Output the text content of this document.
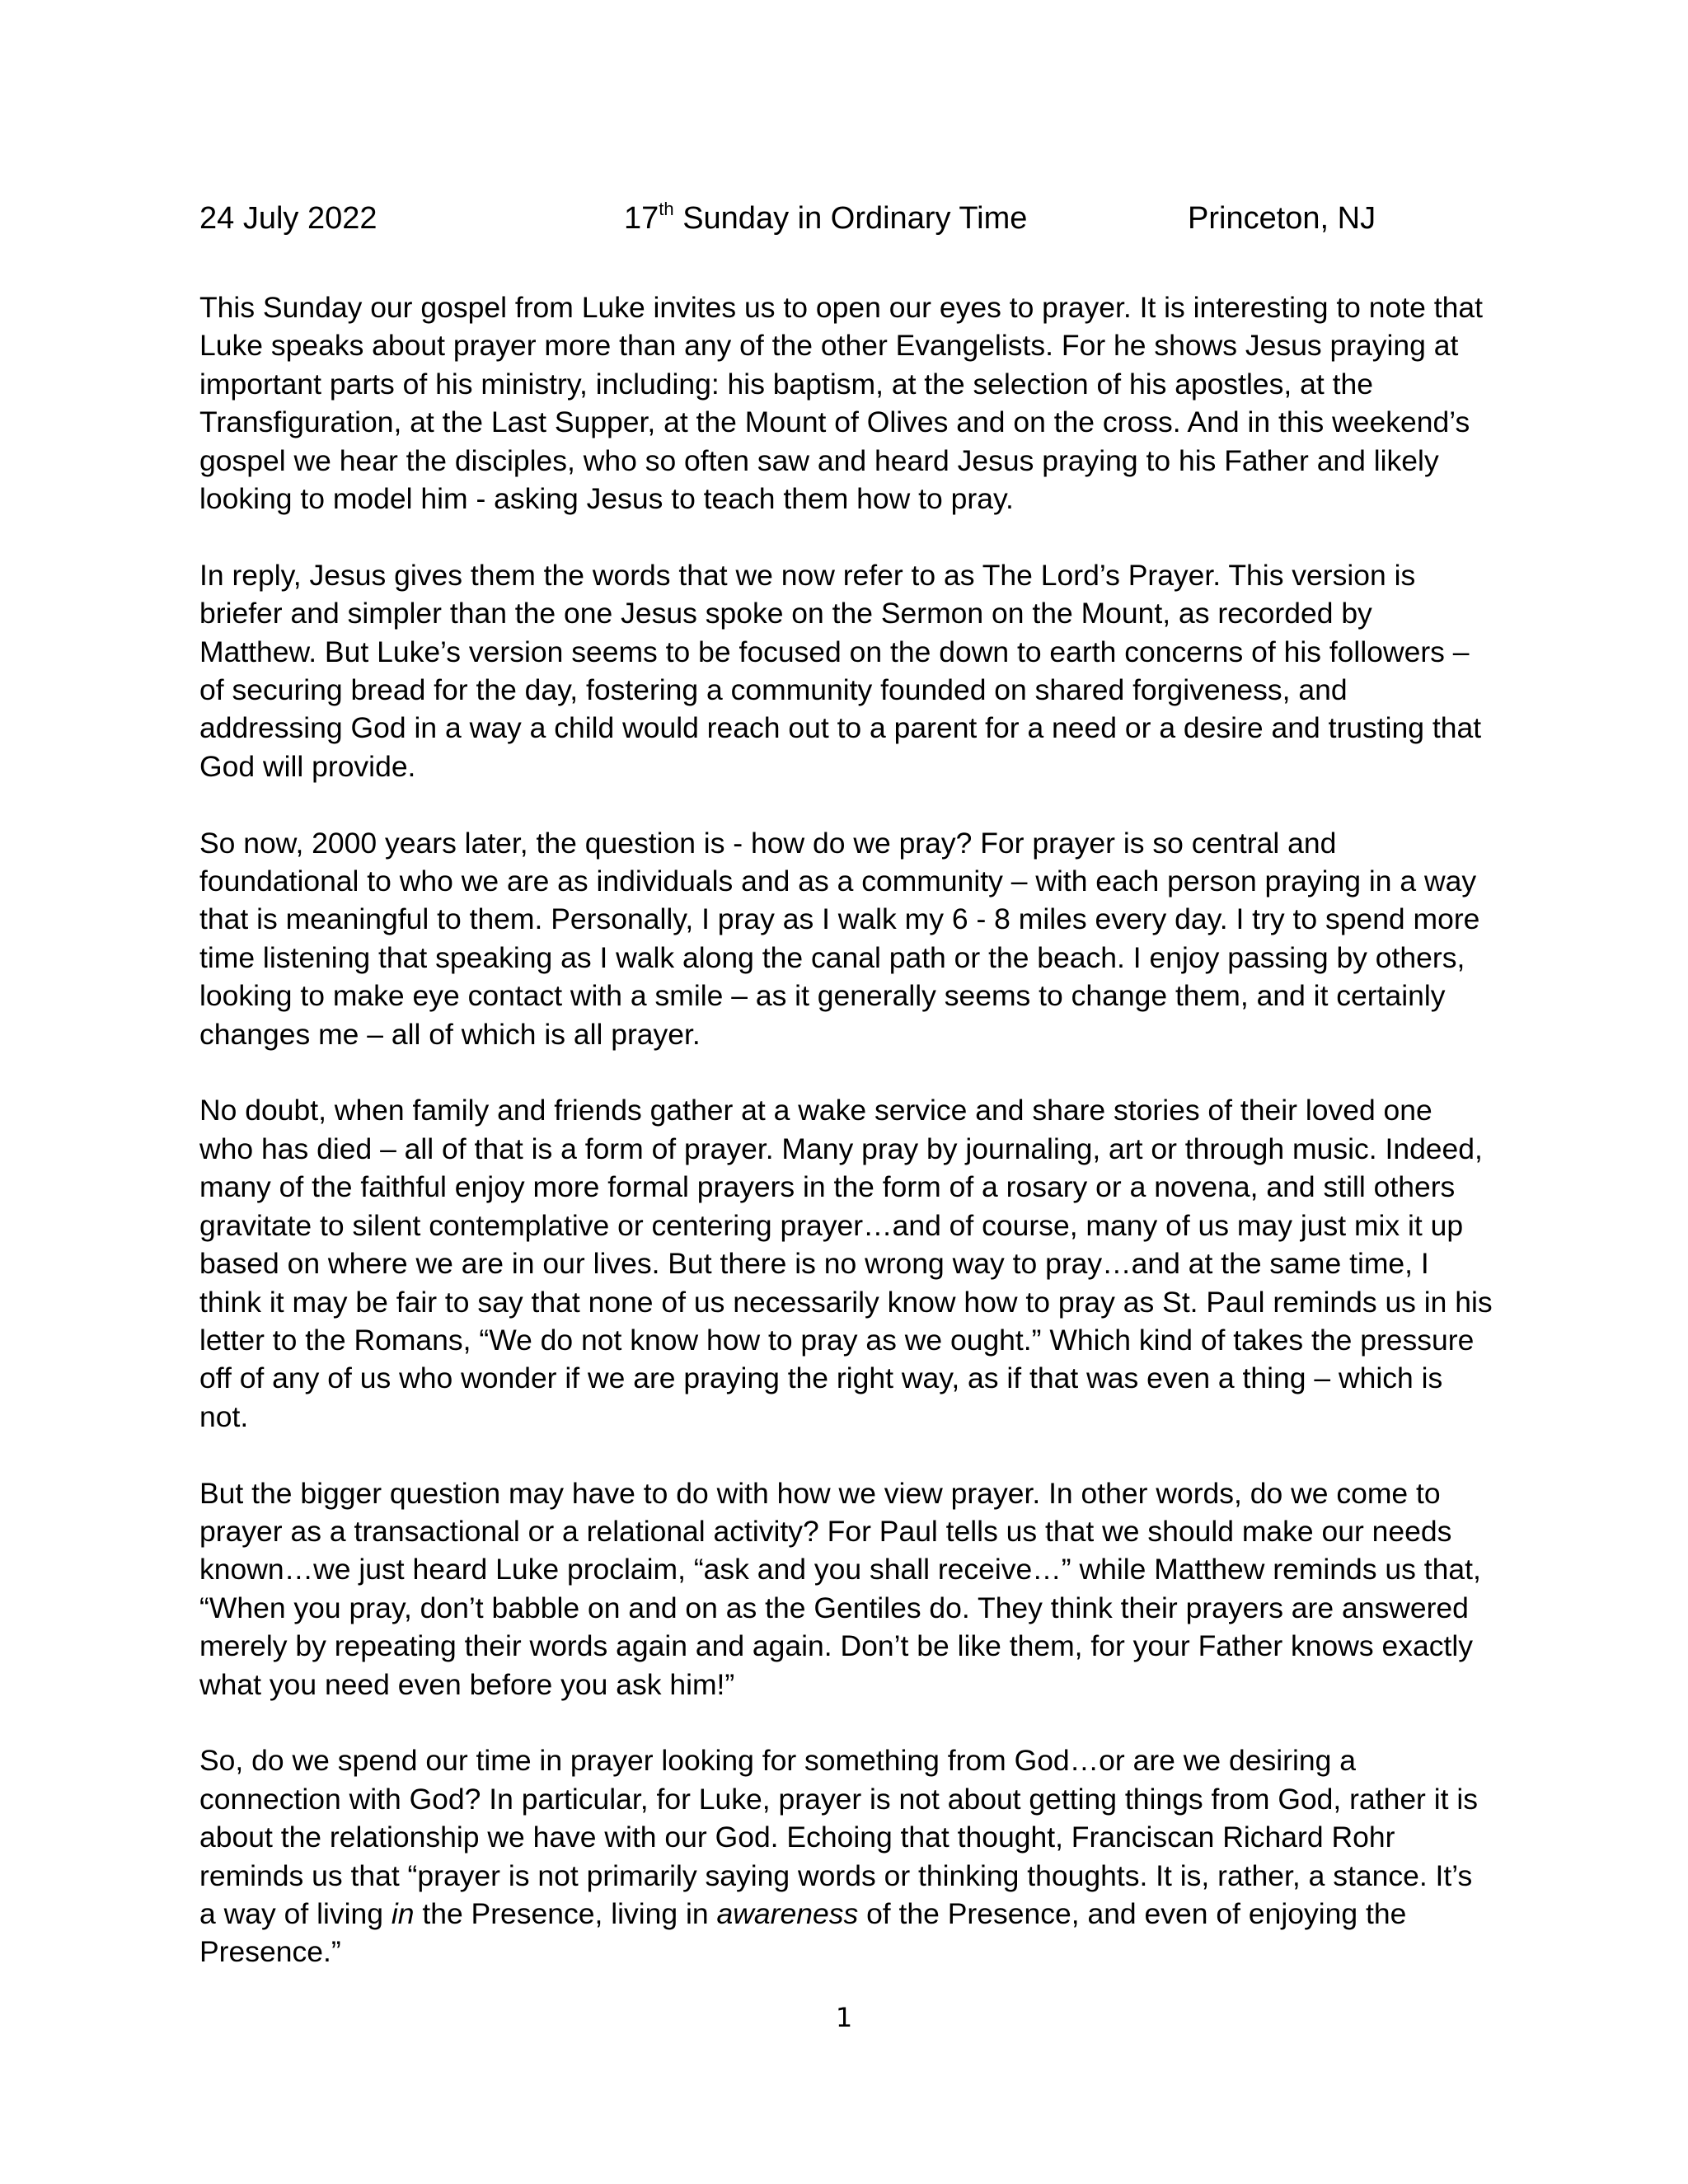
24 July 2022	17th Sunday in Ordinary Time	Princeton, NJ

This Sunday our gospel from Luke invites us to open our eyes to prayer. It is interesting to note that Luke speaks about prayer more than any of the other Evangelists. For he shows Jesus praying at important parts of his ministry, including: his baptism, at the selection of his apostles, at the Transfiguration, at the Last Supper, at the Mount of Olives and on the cross. And in this weekend’s gospel we hear the disciples, who so often saw and heard Jesus praying to his Father and likely looking to model him - asking Jesus to teach them how to pray.

In reply, Jesus gives them the words that we now refer to as The Lord’s Prayer. This version is briefer and simpler than the one Jesus spoke on the Sermon on the Mount, as recorded by Matthew. But Luke’s version seems to be focused on the down to earth concerns of his followers – of securing bread for the day, fostering a community founded on shared forgiveness, and addressing God in a way a child would reach out to a parent for a need or a desire and trusting that God will provide.

So now, 2000 years later, the question is - how do we pray? For prayer is so central and foundational to who we are as individuals and as a community – with each person praying in a way that is meaningful to them. Personally, I pray as I walk my 6 - 8 miles every day. I try to spend more time listening that speaking as I walk along the canal path or the beach. I enjoy passing by others, looking to make eye contact with a smile – as it generally seems to change them, and it certainly changes me – all of which is all prayer.

No doubt, when family and friends gather at a wake service and share stories of their loved one who has died – all of that is a form of prayer. Many pray by journaling, art or through music. Indeed, many of the faithful enjoy more formal prayers in the form of a rosary or a novena, and still others gravitate to silent contemplative or centering prayer…and of course, many of us may just mix it up based on where we are in our lives. But there is no wrong way to pray…and at the same time, I think it may be fair to say that none of us necessarily know how to pray as St. Paul reminds us in his letter to the Romans, “We do not know how to pray as we ought.” Which kind of takes the pressure off of any of us who wonder if we are praying the right way, as if that was even a thing – which is not.

But the bigger question may have to do with how we view prayer. In other words, do we come to prayer as a transactional or a relational activity? For Paul tells us that we should make our needs known…we just heard Luke proclaim, “ask and you shall receive…” while Matthew reminds us that, “When you pray, don’t babble on and on as the Gentiles do. They think their prayers are answered merely by repeating their words again and again. Don’t be like them, for your Father knows exactly what you need even before you ask him!”

So, do we spend our time in prayer looking for something from God…or are we desiring a connection with God? In particular, for Luke, prayer is not about getting things from God, rather it is about the relationship we have with our God. Echoing that thought, Franciscan Richard Rohr reminds us that “prayer is not primarily saying words or thinking thoughts. It is, rather, a stance. It’s a way of living in the Presence, living in awareness of the Presence, and even of enjoying the Presence.”

1
